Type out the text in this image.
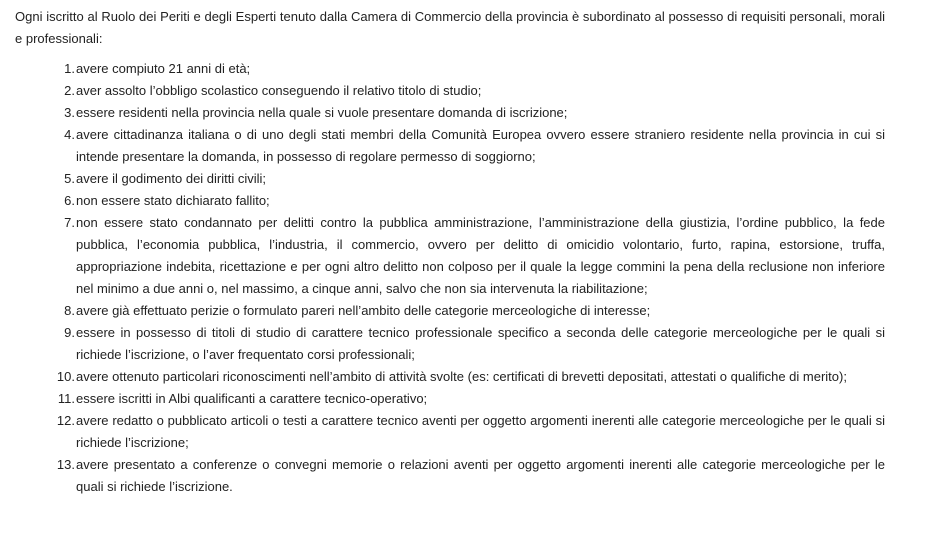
Ogni iscritto al Ruolo dei Periti e degli Esperti tenuto dalla Camera di Commercio della provincia è subordinato al possesso di requisiti personali, morali e professionali:

1. avere compiuto 21 anni di età;
2. aver assolto l’obbligo scolastico conseguendo il relativo titolo di studio;
3. essere residenti nella provincia nella quale si vuole presentare domanda di iscrizione;
4. avere cittadinanza italiana o di uno degli stati membri della Comunità Europea ovvero essere straniero residente nella provincia in cui si intende presentare la domanda, in possesso di regolare permesso di soggiorno;
5. avere il godimento dei diritti civili;
6. non essere stato dichiarato fallito;
7. non essere stato condannato per delitti contro la pubblica amministrazione, l’amministrazione della giustizia, l’ordine pubblico, la fede pubblica, l’economia pubblica, l’industria, il commercio, ovvero per delitto di omicidio volontario, furto, rapina, estorsione, truffa, appropriazione indebita, ricettazione e per ogni altro delitto non colposo per il quale la legge commini la pena della reclusione non inferiore nel minimo a due anni o, nel massimo, a cinque anni, salvo che non sia intervenuta la riabilitazione;
8. avere già effettuato perizie o formulato pareri nell’ambito delle categorie merceologiche di interesse;
9. essere in possesso di titoli di studio di carattere tecnico professionale specifico a seconda delle categorie merceologiche per le quali si richiede l’iscrizione, o l’aver frequentato corsi professionali;
10. avere ottenuto particolari riconoscimenti nell’ambito di attività svolte (es: certificati di brevetti depositati, attestati o qualifiche di merito);
11. essere iscritti in Albi qualificanti a carattere tecnico-operativo;
12. avere redatto o pubblicato articoli o testi a carattere tecnico aventi per oggetto argomenti inerenti alle categorie merceologiche per le quali si richiede l’iscrizione;
13. avere presentato a conferenze o convegni memorie o relazioni aventi per oggetto argomenti inerenti alle categorie merceologiche per le quali si richiede l’iscrizione.
